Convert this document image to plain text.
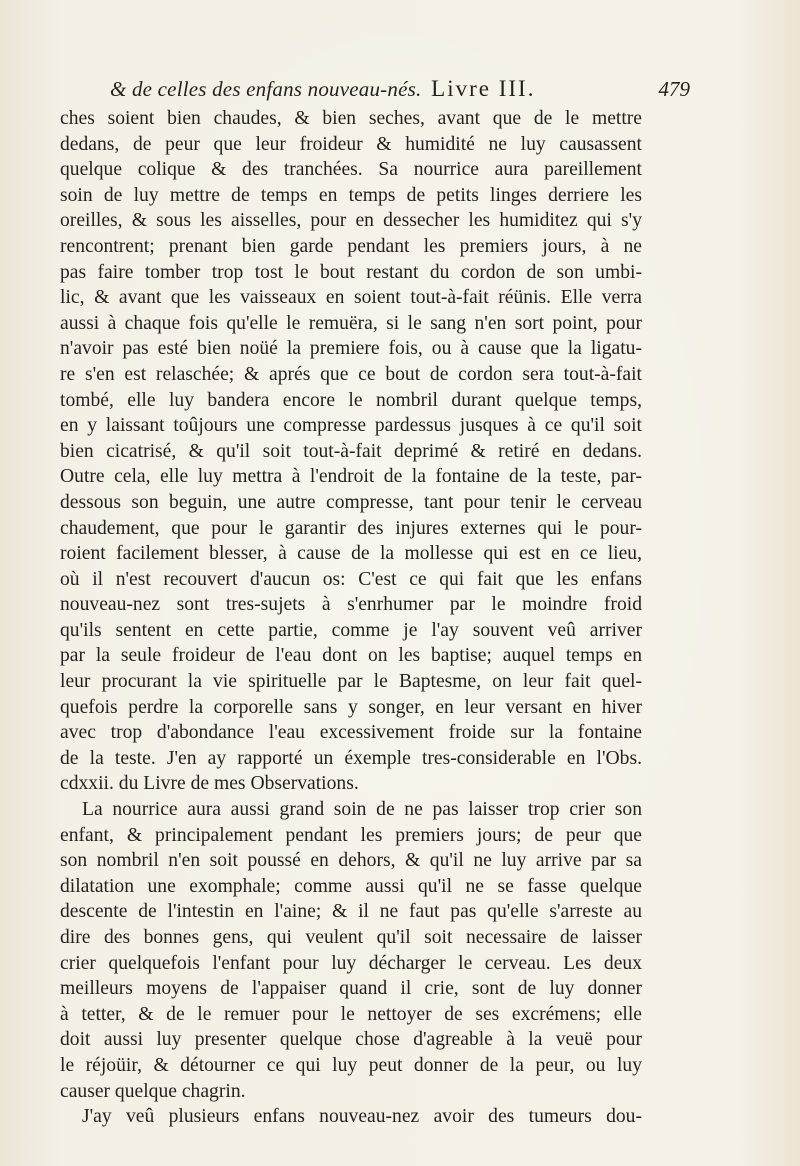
& de celles des enfans nouveau-nés. Livre III.	479
ches soient bien chaudes, & bien seches, avant que de le mettre
dedans, de peur que leur froideur & humidité ne luy causassent
quelque colique & des tranchées. Sa nourrice aura pareillement
soin de luy mettre de temps en temps de petits linges derriere les
oreilles, & sous les aisselles, pour en dessecher les humiditez qui s'y
rencontrent; prenant bien garde pendant les premiers jours, à ne
pas faire tomber trop tost le bout restant du cordon de son umbi-
lic, & avant que les vaisseaux en soient tout-à-fait réünis. Elle verra
aussi à chaque fois qu'elle le remuëra, si le sang n'en sort point, pour
n'avoir pas esté bien noüé la premiere fois, ou à cause que la ligatu-
re s'en est relaschée; & aprés que ce bout de cordon sera tout-à-fait
tombé, elle luy bandera encore le nombril durant quelque temps,
en y laissant toûjours une compresse pardessus jusques à ce qu'il soit
bien cicatrisé, & qu'il soit tout-à-fait deprimé & retiré en dedans.
Outre cela, elle luy mettra à l'endroit de la fontaine de la teste, par-
dessous son beguin, une autre compresse, tant pour tenir le cerveau
chaudement, que pour le garantir des injures externes qui le pour-
roient facilement blesser, à cause de la mollesse qui est en ce lieu,
où il n'est recouvert d'aucun os: C'est ce qui fait que les enfans
nouveau-nez sont tres-sujets à s'enrhumer par le moindre froid
qu'ils sentent en cette partie, comme je l'ay souvent veû arriver
par la seule froideur de l'eau dont on les baptise; auquel temps en
leur procurant la vie spirituelle par le Baptesme, on leur fait quel-
quefois perdre la corporelle sans y songer, en leur versant en hiver
avec trop d'abondance l'eau excessivement froide sur la fontaine
de la teste. J'en ay rapporté un éxemple tres-considerable en l'Obs.
cdxxii. du Livre de mes Observations.
La nourrice aura aussi grand soin de ne pas laisser trop crier son
enfant, & principalement pendant les premiers jours; de peur que
son nombril n'en soit poussé en dehors, & qu'il ne luy arrive par sa
dilatation une exomphale; comme aussi qu'il ne se fasse quelque
descente de l'intestin en l'aine; & il ne faut pas qu'elle s'arreste au
dire des bonnes gens, qui veulent qu'il soit necessaire de laisser
crier quelquefois l'enfant pour luy décharger le cerveau. Les deux
meilleurs moyens de l'appaiser quand il crie, sont de luy donner
à tetter, & de le remuer pour le nettoyer de ses excrémens; elle
doit aussi luy presenter quelque chose d'agreable à la veuë pour
le réjoüir, & détourner ce qui luy peut donner de la peur, ou luy
causer quelque chagrin.
J'ay veû plusieurs enfans nouveau-nez avoir des tumeurs dou-
